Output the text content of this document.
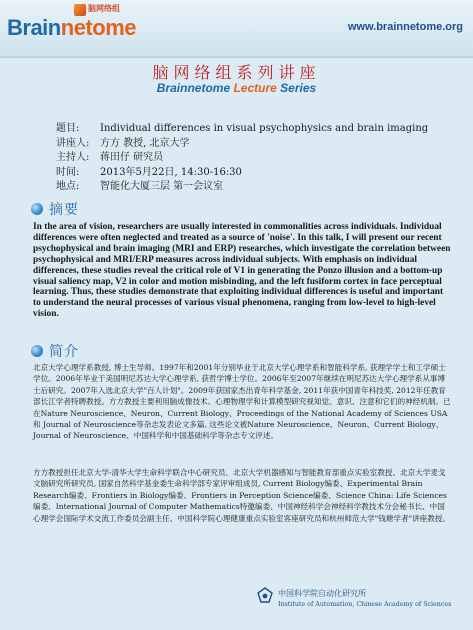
脑网络组
Brainnetome	www.brainnetome.org
脑网络组系列讲座
Brainnetome Lecture Series
题目:	Individual differences in visual psychophysics and brain imaging
讲座人:	方方 教授, 北京大学
主持人:	蒋田仔 研究员
时间:	2013年5月22日, 14:30-16:30
地点:	智能化大厦三层 第一会议室
摘要

In the area of vision, researchers are usually interested in commonalities across individuals. Individual differences were often neglected and treated as a source of 'noise'. In this talk, I will present our recent psychophysical and brain imaging (MRI and ERP) researches, which investigate the correlation between psychophysical and MRI/ERP measures across individual subjects. With emphasis on individual differences, these studies reveal the critical role of V1 in generating the Ponzo illusion and a bottom-up visual saliency map, V2 in color and motion misbinding, and the left fusiform cortex in face perceptual learning. Thus, these studies demonstrate that exploiting individual differences is useful and important to understand the neural processes of various visual phenomena, ranging from low-level to high-level vision.

简介

北京大学心理学系教授, 博士生导师。1997年和2001年分别毕业于北京大学心理学系和智能科学系, 获理学学士和工学硕士学位。2006年毕业于美国明尼苏达大学心理学系, 获哲学博士学位。2006年至2007年继续在明尼苏达大学心理学系从事博士后研究。2007年入选北京大学"百人计划"。2009年获国家杰出青年科学基金, 2011年获中国青年科技奖, 2012年任教育部长江学者特聘教授。方方教授主要利用脑成像技术、心理物理学和计算模型研究视知觉、意识、注意和它们的神经机制。已在Nature Neuroscience、Neuron、Current Biology、Proceedings of the National Academy of Sciences USA 和 Journal of Neuroscience等杂志发表论文多篇, 这些论文被Nature Neuroscience、Neuron、Current Biology、Journal of Neuroscience、中国科学和中国基础科学等杂志专文评述。

方方教授担任北京大学-清华大学生命科学联合中心研究员、北京大学机器感知与智能教育部重点实验室教授、北京大学麦戈文脑研究所研究员, 国家自然科学基金委生命科学部专家评审组成员, Current Biology编委、Experimental Brain Research编委、Frontiers in Biology编委、Frontiers in Perception Science编委、Science China: Life Sciences编委、International Journal of Computer Mathematics特邀编委、中国神经科学会神经科学教技术分会秘书长、中国心理学会国际学术交流工作委员会副主任、中国科学院心理健康重点实验室客座研究员和杭州师范大学"钱塘学者"讲座教授。

中国科学院自动化研究所
Institute of Automation, Chinese Academy of Sciences
